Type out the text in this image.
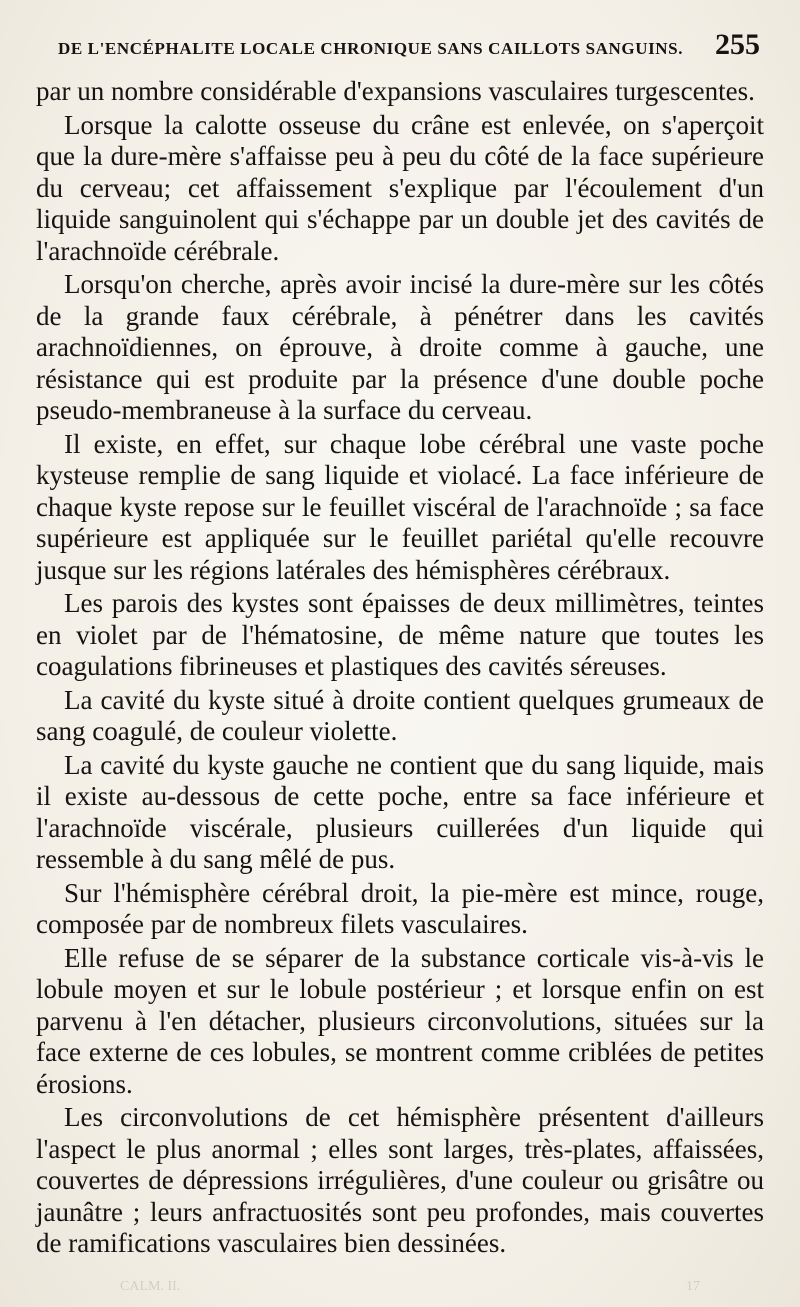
DE L'ENCÉPHALITE LOCALE CHRONIQUE SANS CAILLOTS SANGUINS. 255

par un nombre considérable d'expansions vasculaires turgescentes.

Lorsque la calotte osseuse du crâne est enlevée, on s'aperçoit que la dure-mère s'affaisse peu à peu du côté de la face supérieure du cerveau; cet affaissement s'explique par l'écoulement d'un liquide sanguinolent qui s'échappe par un double jet des cavités de l'arachnoïde cérébrale.

Lorsqu'on cherche, après avoir incisé la dure-mère sur les côtés de la grande faux cérébrale, à pénétrer dans les cavités arachnoïdiennes, on éprouve, à droite comme à gauche, une résistance qui est produite par la présence d'une double poche pseudo-membraneuse à la surface du cerveau.

Il existe, en effet, sur chaque lobe cérébral une vaste poche kysteuse remplie de sang liquide et violacé. La face inférieure de chaque kyste repose sur le feuillet viscéral de l'arachnoïde ; sa face supérieure est appliquée sur le feuillet pariétal qu'elle recouvre jusque sur les régions latérales des hémisphères cérébraux.

Les parois des kystes sont épaisses de deux millimètres, teintes en violet par de l'hématosine, de même nature que toutes les coagulations fibrineuses et plastiques des cavités séreuses.

La cavité du kyste situé à droite contient quelques grumeaux de sang coagulé, de couleur violette.

La cavité du kyste gauche ne contient que du sang liquide, mais il existe au-dessous de cette poche, entre sa face inférieure et l'arachnoïde viscérale, plusieurs cuillerées d'un liquide qui ressemble à du sang mêlé de pus.

Sur l'hémisphère cérébral droit, la pie-mère est mince, rouge, composée par de nombreux filets vasculaires.

Elle refuse de se séparer de la substance corticale vis-à-vis le lobule moyen et sur le lobule postérieur ; et lorsque enfin on est parvenu à l'en détacher, plusieurs circonvolutions, situées sur la face externe de ces lobules, se montrent comme criblées de petites érosions.

Les circonvolutions de cet hémisphère présentent d'ailleurs l'aspect le plus anormal ; elles sont larges, très-plates, affaissées, couvertes de dépressions irrégulières, d'une couleur ou grisâtre ou jaunâtre ; leurs anfractuosités sont peu profondes, mais couvertes de ramifications vasculaires bien dessinées.

CALM. II.	17
